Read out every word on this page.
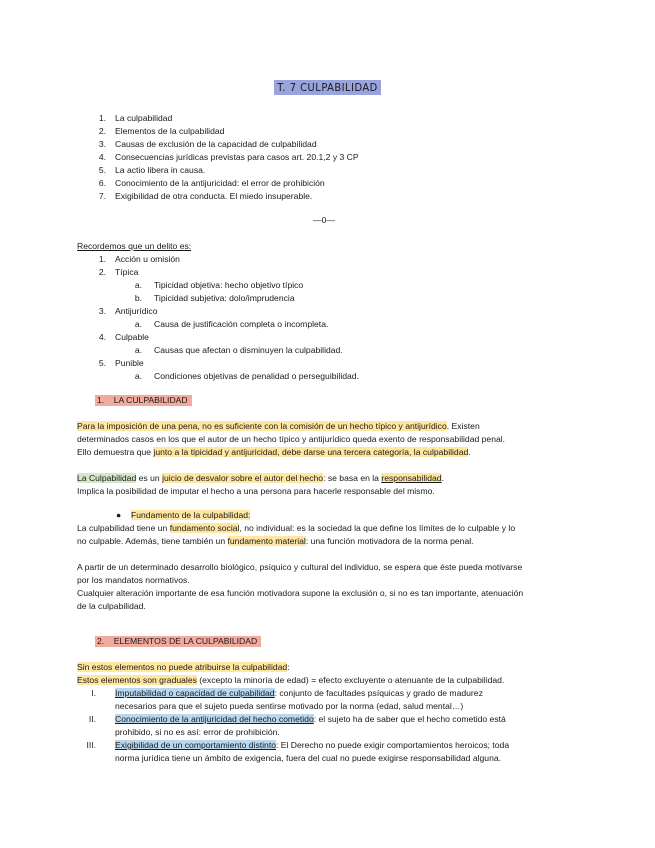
T. 7 CULPABILIDAD
1. La culpabilidad
2. Elementos de la culpabilidad
3. Causas de exclusión de la capacidad de culpabilidad
4. Consecuencias jurídicas previstas para casos art. 20.1,2 y 3 CP
5. La actio libera in causa.
6. Conocimiento de la antijuricidad: el error de prohibición
7. Exigibilidad de otra conducta. El miedo insuperable.
—0—
Recordemos que un delito es:
1. Acción u omisión
2. Típica
a. Tipicidad objetiva: hecho objetivo típico
b. Tipicidad subjetiva: dolo/imprudencia
3. Antijurídico
a. Causa de justificación completa o incompleta.
4. Culpable
a. Causas que afectan o disminuyen la culpabilidad.
5. Punible
a. Condiciones objetivas de penalidad o perseguibilidad.
1.    LA CULPABILIDAD
Para la imposición de una pena, no es suficiente con la comisión de un hecho típico y antijurídico. Existen
determinados casos en los que el autor de un hecho típico y antijurídico queda exento de responsabilidad penal.
Ello demuestra que junto a la tipicidad y antijuricidad, debe darse una tercera categoría, la culpabilidad.
La Culpabilidad es un juicio de desvalor sobre el autor del hecho: se basa en la responsabilidad.
Implica la posibilidad de imputar el hecho a una persona para hacerle responsable del mismo.
● Fundamento de la culpabilidad:
La culpabilidad tiene un fundamento social, no individual: es la sociedad la que define los límites de lo culpable y lo
no culpable. Además, tiene también un fundamento material: una función motivadora de la norma penal.
A partir de un determinado desarrollo biológico, psíquico y cultural del individuo, se espera que éste pueda motivarse
por los mandatos normativos.
Cualquier alteración importante de esa función motivadora supone la exclusión o, si no es tan importante, atenuación
de la culpabilidad.
2.    ELEMENTOS DE LA CULPABILIDAD
Sin estos elementos no puede atribuirse la culpabilidad:
Estos elementos son graduales (excepto la minoría de edad) = efecto excluyente o atenuante de la culpabilidad.
I. Imputabilidad o capacidad de culpabilidad: conjunto de facultades psíquicas y grado de madurez
necesarios para que el sujeto pueda sentirse motivado por la norma (edad, salud mental…)
II. Conocimiento de la antijuricidad del hecho cometido: el sujeto ha de saber que el hecho cometido está
prohibido, si no es así: error de prohibición.
III. Exigibilidad de un comportamiento distinto: El Derecho no puede exigir comportamientos heroicos; toda
norma jurídica tiene un ámbito de exigencia, fuera del cual no puede exigirse responsabilidad alguna.
